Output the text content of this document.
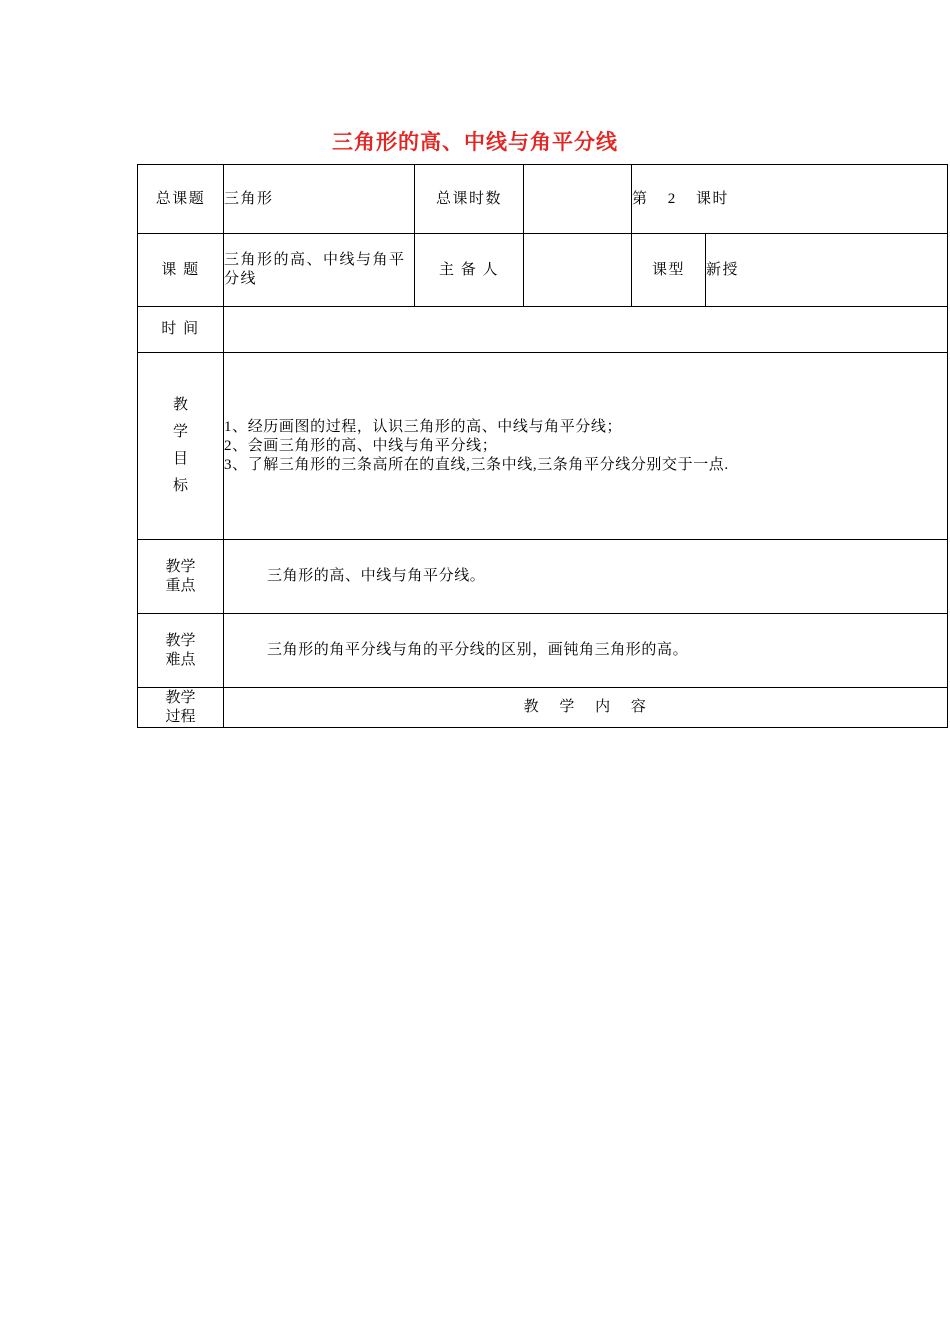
三角形的高、中线与角平分线
总课题	三角形	总课时数		第 2 课时	
课 题	三角形的高、中线与角平分线	主 备 人		课型	新授
时 间					

教学目标	1、经历画图的过程，认识三角形的高、中线与角平分线；
2、会画三角形的高、中线与角平分线；
3、了解三角形的三条高所在的直线,三条中线,三条角平分线分别交于一点.				

教学重点	三角形的高、中线与角平分线。				

教学难点	三角形的角平分线与角的平分线的区别，画钝角三角形的高。				

教学过程	教 学 内 容				
